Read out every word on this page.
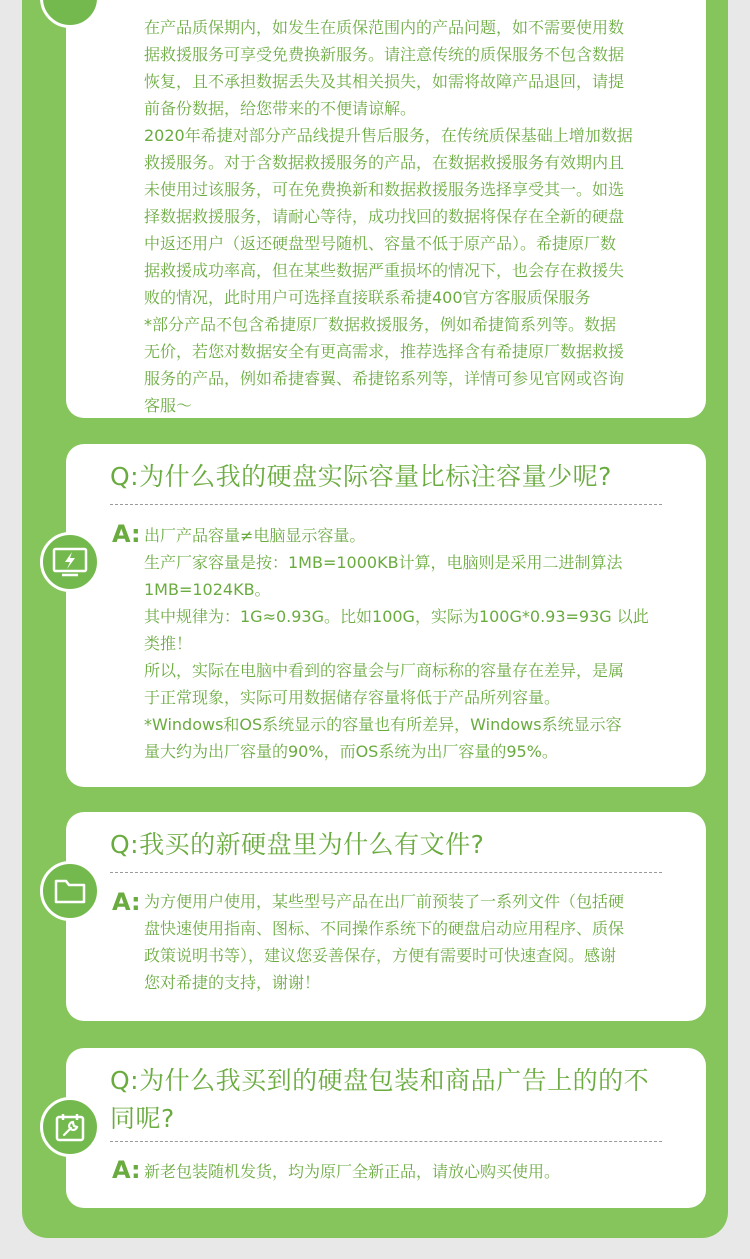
在产品质保期内，如发生在质保范围内的产品问题，如不需要使用数
据救援服务可享受免费换新服务。请注意传统的质保服务不包含数据
恢复，且不承担数据丢失及其相关损失，如需将故障产品退回，请提
前备份数据，给您带来的不便请谅解。

2020年希捷对部分产品线提升售后服务，在传统质保基础上增加数据
救援服务。对于含数据救援服务的产品，在数据救援服务有效期内且
未使用过该服务，可在免费换新和数据救援服务选择享受其一。如选
择数据救援服务，请耐心等待，成功找回的数据将保存在全新的硬盘
中返还用户（返还硬盘型号随机、容量不低于原产品）。希捷原厂数
据救援成功率高，但在某些数据严重损坏的情况下，也会存在救援失
败的情况，此时用户可选择直接联系希捷400官方客服质保服务

*部分产品不包含希捷原厂数据救援服务，例如希捷简系列等。数据
无价，若您对数据安全有更高需求，推荐选择含有希捷原厂数据救援
服务的产品，例如希捷睿翼、希捷铭系列等，详情可参见官网或咨询
客服～

Q:为什么我的硬盘实际容量比标注容量少呢?
A: 出厂产品容量≠电脑显示容量。

生产厂家容量是按：1MB=1000KB计算，电脑则是采用二进制算法
1MB=1024KB。

其中规律为：1G≈0.93G。比如100G，实际为100G*0.93=93G 以此
类推！

所以，实际在电脑中看到的容量会与厂商标称的容量存在差异，是属
于正常现象，实际可用数据储存容量将低于产品所列容量。

*Windows和OS系统显示的容量也有所差异，Windows系统显示容
量大约为出厂容量的90%，而OS系统为出厂容量的95%。

Q:我买的新硬盘里为什么有文件?
A: 为方便用户使用，某些型号产品在出厂前预装了一系列文件（包括硬
盘快速使用指南、图标、不同操作系统下的硬盘启动应用程序、质保
政策说明书等），建议您妥善保存，方便有需要时可快速查阅。感谢
您对希捷的支持，谢谢！

Q:为什么我买到的硬盘包装和商品广告上的的不
同呢?
A: 新老包装随机发货，均为原厂全新正品，请放心购买使用。
